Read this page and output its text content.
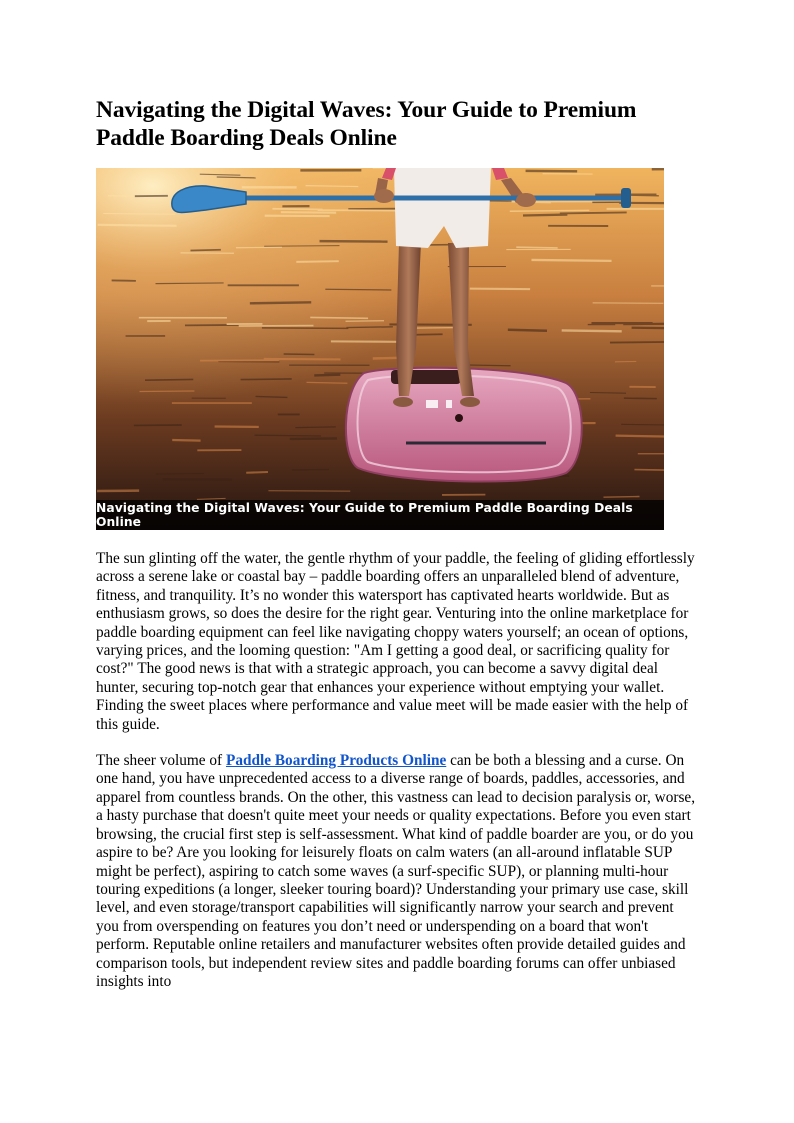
Navigating the Digital Waves: Your Guide to Premium Paddle Boarding Deals Online
Navigating the Digital Waves: Your Guide to Premium Paddle Boarding Deals Online

The sun glinting off the water, the gentle rhythm of your paddle, the feeling of gliding effortlessly across a serene lake or coastal bay – paddle boarding offers an unparalleled blend of adventure, fitness, and tranquility. It’s no wonder this watersport has captivated hearts worldwide. But as enthusiasm grows, so does the desire for the right gear. Venturing into the online marketplace for paddle boarding equipment can feel like navigating choppy waters yourself; an ocean of options, varying prices, and the looming question: "Am I getting a good deal, or sacrificing quality for cost?" The good news is that with a strategic approach, you can become a savvy digital deal hunter, securing top-notch gear that enhances your experience without emptying your wallet. Finding the sweet places where performance and value meet will be made easier with the help of this guide.

The sheer volume of Paddle Boarding Products Online can be both a blessing and a curse. On one hand, you have unprecedented access to a diverse range of boards, paddles, accessories, and apparel from countless brands. On the other, this vastness can lead to decision paralysis or, worse, a hasty purchase that doesn't quite meet your needs or quality expectations. Before you even start browsing, the crucial first step is self-assessment. What kind of paddle boarder are you, or do you aspire to be? Are you looking for leisurely floats on calm waters (an all-around inflatable SUP might be perfect), aspiring to catch some waves (a surf-specific SUP), or planning multi-hour touring expeditions (a longer, sleeker touring board)? Understanding your primary use case, skill level, and even storage/transport capabilities will significantly narrow your search and prevent you from overspending on features you don’t need or underspending on a board that won't perform. Reputable online retailers and manufacturer websites often provide detailed guides and comparison tools, but independent review sites and paddle boarding forums can offer unbiased insights into
